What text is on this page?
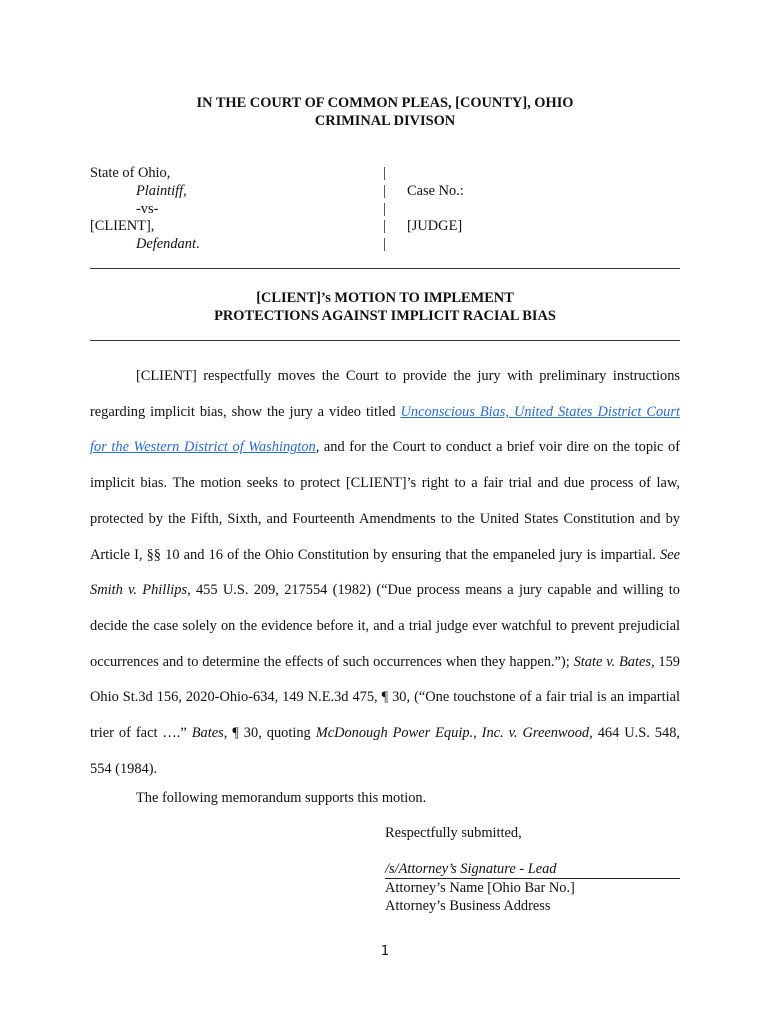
IN THE COURT OF COMMON PLEAS, [COUNTY], OHIO
CRIMINAL DIVISON
State of Ohio,
Plaintiff,
-vs-
[CLIENT],
Defendant.
|
|
|
|
|

Case No.:

[JUDGE]
[CLIENT]’s MOTION TO IMPLEMENT
PROTECTIONS AGAINST IMPLICIT RACIAL BIAS
[CLIENT] respectfully moves the Court to provide the jury with preliminary instructions regarding implicit bias, show the jury a video titled Unconscious Bias, United States District Court for the Western District of Washington, and for the Court to conduct a brief voir dire on the topic of implicit bias. The motion seeks to protect [CLIENT]’s right to a fair trial and due process of law, protected by the Fifth, Sixth, and Fourteenth Amendments to the United States Constitution and by Article I, §§ 10 and 16 of the Ohio Constitution by ensuring that the empaneled jury is impartial. See Smith v. Phillips, 455 U.S. 209, 217554 (1982) (“Due process means a jury capable and willing to decide the case solely on the evidence before it, and a trial judge ever watchful to prevent prejudicial occurrences and to determine the effects of such occurrences when they happen.”); State v. Bates, 159 Ohio St.3d 156, 2020-Ohio-634, 149 N.E.3d 475, ¶ 30, (“One touchstone of a fair trial is an impartial trier of fact ….” Bates, ¶ 30, quoting McDonough Power Equip., Inc. v. Greenwood, 464 U.S. 548, 554 (1984).
The following memorandum supports this motion.
Respectfully submitted,
/s/Attorney’s Signature - Lead
Attorney’s Name [Ohio Bar No.]
Attorney’s Business Address
1
